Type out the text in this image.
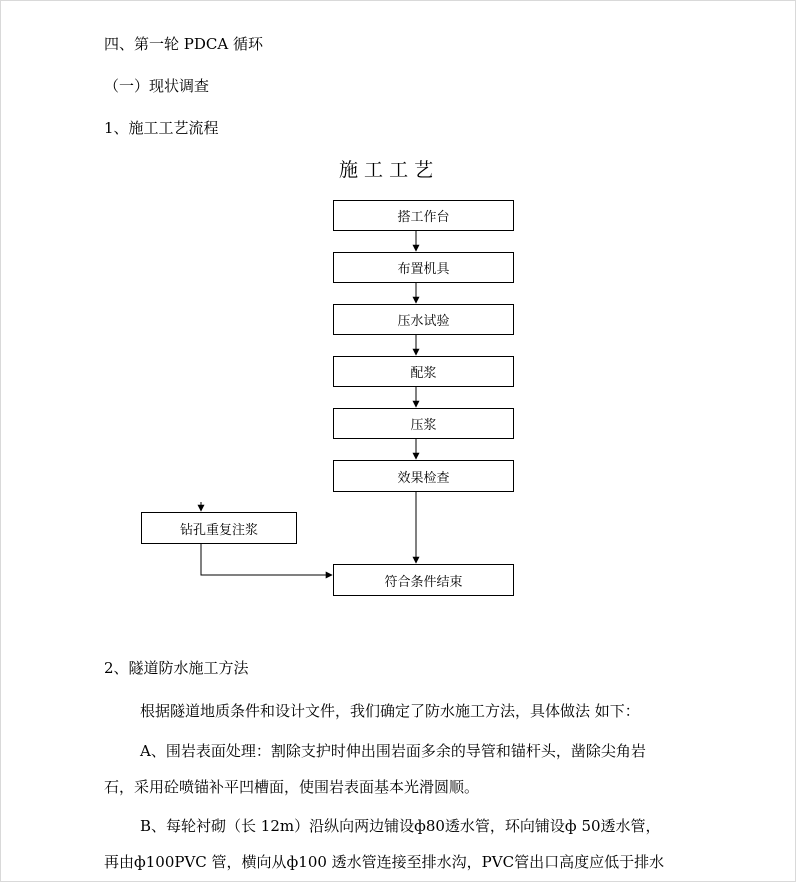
四、第一轮 PDCA 循环
（一）现状调查
1、施工工艺流程
施 工 工 艺
搭工作台
布置机具
压水试验
配浆
压浆
效果检查
钻孔重复注浆
符合条件结束
2、隧道防水施工方法
根据隧道地质条件和设计文件，我们确定了防水施工方法，具体做法 如下：
A、围岩表面处理：割除支护时伸出围岩面多余的导管和锚杆头，凿除尖角岩
石，采用砼喷锚补平凹槽面，使围岩表面基本光滑圆顺。
B、每轮衬砌（长 12m）沿纵向两边铺设ф80透水管，环向铺设ф 50透水管，
再由ф100PVC 管，横向从ф100 透水管连接至排水沟，PVC管出口高度应低于排水
